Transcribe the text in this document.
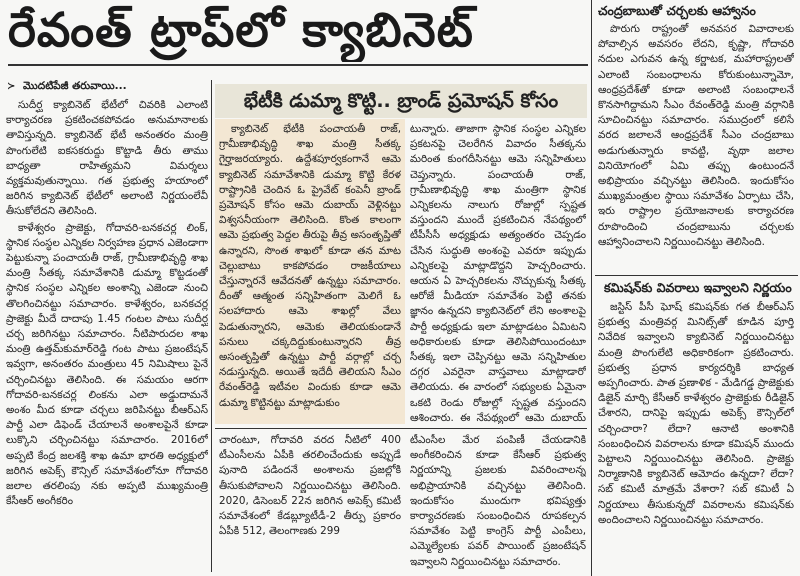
రేవంత్ ట్రాప్‌లో క్యాబినెట్
≻ మొదటిపేజీ తరువాయి...
భేటీకి డుమ్మా కొట్టి.. బ్రాండ్ ప్రమోషన్ కోసం

సుదీర్ఘ క్యాబినెట్ భేటీలో చివరికి ఎలాంటి కార్యాచరణ ప్రకటించకపోవడం అనుమానాలకు తావిస్తున్నది. క్యాబినెట్ భేటీ అనంతరం మంత్రి పొంగులేటి ఐకసకరుద్దు కొట్టాడి తీరు తాము బాధ్యతా రాహిత్యమని విమర్శలు వ్యక్తమవుతున్నాయి. గత ప్రభుత్వ హయాంలో జరిగిన క్యాబినెట్ భేటీలో అలాంటి నిర్ణయంలేవీ తీసుకోలేదని తెలిసింది.

కాళేశ్వరం ప్రాజెక్టు, గోదావరి-బనకచర్ల లింక్, స్థానిక సంస్థల ఎన్నికల నిర్వహణ ప్రధాన ఎజెండాగా పెట్టుకున్నా పంచాయతీ రాజ్, గ్రామీణాభివృద్ధి శాఖ మంత్రి సీతక్క సమావేశానికి డుమ్మా కొట్టడంతో స్థానిక సంస్థల ఎన్నికల అంశాన్ని ఎజెండా నుంచి తొలగించినట్టు సమాచారం. కాళేశ్వరం, బనకచర్ల ప్రాజెక్టు మీదే దాదాపు 1.45 గంటల పాటు సుదీర్ఘ చర్చ జరిగినట్టు సమాచారం. నీటిపారుదల శాఖ మంత్రి ఉత్తమ్‌కుమార్‌రెడ్డి గంట పాటు ప్రజంటేషన్ ఇవ్వగా, అనంతరం మంత్రులు 45 నిమిషాలు పైనే చర్చించినట్టు తెలిసింది. ఈ సమయం ఆరగా గోదావరి-బనకచర్ల లింకను ఎలా అడ్డుదామనే అంశం మీద కూడా చర్చలు జరిపినట్టు బీఆర్ఎస్ పార్టీ ఎలా డిఫెండ్ చేయాలనే అంశాలపైనే కూడా లుక్కొని చర్చించినట్టు సమాచారం. 2016లో అప్పటి కేంద్ర జలశక్తి శాఖ ఉమా భారతి అధ్యక్షులో జరిగిన అపెక్స్ కౌన్సిల్ సమావేశంలోనూ గోదావరి జలాల తరలింపు నకు అప్పటి ముఖ్యమంత్రి కేసీఆర్ అంగీకరిం

క్యాబినెట్ భేటీకి పంచాయతీ రాజ్, గ్రామీణాభివృద్ధి శాఖ మంత్రి సీతక్క గైర్హాజరయ్యారు. ఉద్దేశపూర్వకంగానే ఆమె క్యాబినెట్ సమావేశానికి డుమ్మా కొట్టి కేరళ రాష్ట్రానికి చెందిన ఓ ప్రైవేట్ కంపెనీ బ్రాండ్ ప్రమోషన్ కోసం ఆమె దుబాయ్ వెళ్లినట్టు విశ్వసనీయంగా తెలిసింది. కొంత కాలంగా ఆమె ప్రభుత్వ పెద్దల తీరుపై తీవ్ర అసంతృప్తితో ఉన్నారని, సొంత శాఖలో కూడా తన మాట చెల్లుబాటు కాకపోవడం రాజకీయాలు చేస్తున్నారనే ఆవేదనతో ఉన్నట్టు సమాచారం. దీంతో ఆత్మంత సన్నిహితంగా మెలిగే ఓ సలహాదారు ఆమె శాఖల్లో వేలు పెడుతున్నారని, ఆమెకు తెలియకుండానే పనులు చక్కదిద్దుకుంటున్నారని తీవ్ర అసంతృప్తితో ఉన్నట్టు పార్టీ వర్గాల్లో చర్చ నడుస్తున్నది. అయితే ఇదేదీ తెలియని సీఎం రేవంత్‌రెడ్డి ఇటీవల విందుకు కూడా ఆమె డుమ్మా కొట్టినట్టు మాట్లాడుకుం

టున్నారు. తాజాగా స్థానిక సంస్థల ఎన్నికల ప్రకటనపై చెలరేగిన వివాదం సీతక్కను మరింత కుంగదీసినట్టు ఆమె సన్నిహితులు చెప్తున్నారు. పంచాయతీ రాజ్, గ్రామీణాభివృద్ధి శాఖ మంత్రిగా స్థానిక ఎన్నికలను నాలుగు రోజుల్లో స్పష్టత వస్తుందని ముందే ప్రకటించిన నేపథ్యంలో టీపీసీసీ అధ్యక్షుడు అత్యంతరం చెప్పడం చేసిన సుద్ధుతి అంశంపై ఎవరూ ఇప్పుడు ఎన్నికలపై మాట్లాడొద్దని హెచ్చరించారు. ఆయన ఏ హెచ్చరికలను నొచ్చుకున్న సీతక్క ఆరోజే మీడియా సమావేశం పెట్టి తనకు జ్ఞానం ఉన్నదని క్యాబినెట్‌లో లేని అంశాలపై పార్టీ అధ్యక్షుడు ఇలా మాట్లాడటం ఏమిటని అధికారులకు కూడా తెలిసిపోయిందంటూ సీతక్క ఇలా చెప్పినట్టు ఆమె సన్నిహితుల దగ్గర ఎవరైనా వాస్తవాలు మాట్లాడారో తెలియదు. ఈ వారంలో సభ్యులకు ఏమైనా ఒకటి రెండు రోజుల్లో స్పష్టత వస్తుందని ఆశించారు. ఈ నేపథ్యంలో ఆమె దుబాయ్

చారంటూ, గోదావరి వరద నీటిలో 400 టీఎంసీలను ఏపీకి తరలించేందుకు అప్పుడే పునాది పడిందనే అంశాలను ప్రజల్లోకి తీసుకుపోవాలని నిర్ణయించినట్టు తెలిసింది. 2020, డిసెంబర్ 22న జరిగిన అపెక్స్ కమిటీ సమావేశంలో కేడబ్ల్యూటీడీ-2 తీర్పు ప్రకారం ఏపీకి 512, తెలంగాణకు 299

టీఎంసీల మేర పంపిణీ చేయడానికి అంగీకరించిన కూడా కేసీఆర్ ప్రభుత్వ నిర్ణయాన్ని ప్రజలకు వివరించాలన్న అభిప్రాయానికి వచ్చినట్టు తెలిసింది. ఇందుకోసం ముందుగా భవిష్యత్తు కార్యాచరణకు సంబంధించిన రూపకల్పన సమావేశం పెట్టి కాంగ్రెస్ పార్టీ ఎంపీలు, ఎమ్మెల్యేలకు పవర్ పాయింట్ ప్రజంటేషన్ ఇవ్వాలని నిర్ణయించినట్టు సమాచారం.

చంద్రబాబుతో చర్చలకు ఆహ్వానం

పొరుగు రాష్ట్రంతో అనవసర వివాదాలకు పోవాల్సిన అవసరం లేదని, కృష్ణా, గోదావరి నదుల ఎగువన ఉన్న కర్ణాటక, మహారాష్ట్రలతో ఎలాంటి సంబంధాలను కోరుకుంటున్నామో, ఆంధ్రప్రదేశ్‌తో కూడా అలాంటి సంబంధాలనే కొనసాగిద్దామని సీఎం రేవంత్‌రెడ్డి మంత్రి వర్గానికి సూచించినట్టు సమాచారం. సముద్రంలో కలిసే వరద జలాలనే ఆంధ్రప్రదేశ్ సీఎం చంద్రబాబు అడుగుతున్నారు కావట్టి, వృథా జలాల వినియోగంలో ఏమి తప్పు ఉంటుందనే అభిప్రాయం వచ్చినట్టు తెలిసింది. ఇందుకోసం ముఖ్యమంత్రుల స్థాయి సమావేశం ఏర్పాటు చేసి, ఇరు రాష్ట్రాల ప్రయోజనాలకు కార్యాచరణ రూపొందించి చంద్రబాబును చర్చలకు ఆహ్వానించాలని నిర్ణయించినట్టు తెలిసింది.

కమిషన్‌కు వివరాలు ఇవ్వాలని నిర్ణయం

జస్టిస్ పీసీ ఘోష్ కమిషన్‌కు గత బీఆర్ఎస్ ప్రభుత్వ మంత్రివర్గ మినిట్స్‌తో కూడిన పూర్తి నివేదిక ఇవ్వాలని క్యాబినెట్ నిర్ణయించినట్టు మంత్రి పొంగులేటి అధికారికంగా ప్రకటించారు. ప్రభుత్వ ప్రధాన కార్యదర్శికి బాధ్యత అప్పగించారు. పాత ప్రణాళిక - మేడిగడ్డ ప్రాజెక్టుకు డిజైన్ మార్చి కేసీఆర్ కాళేశ్వరం ప్రాజెక్టుకు రీడిజైన్ చేశారని, దానిపై ఇప్పుడు అపెక్స్ కౌన్సిల్‌లో చర్చించారా? లేదా? ఆనాటి అంశానికి సంబంధించిన వివరాలను కూడా కమిషన్ ముందు పెట్టాలని నిర్ణయించినట్టు తెలిసింది. ప్రాజెక్టు నిర్మాణానికి క్యాబినెట్ ఆమోదం ఉన్నదా? లేదా? సబ్ కమిటీ మాత్రమే వేశారా? సబ్ కమిటీ ఏ నిర్ణయాలు తీసుకున్నదో వివరాలను కమిషన్‌కు అందించాలని నిర్ణయించినట్టు సమాచారం.
